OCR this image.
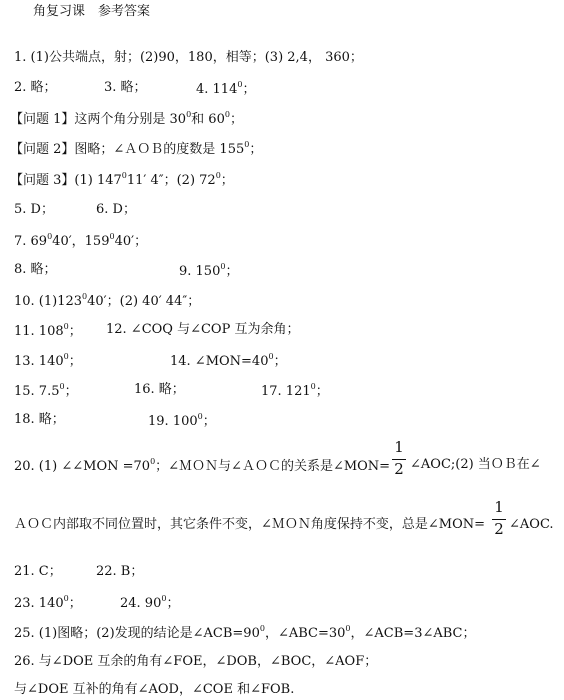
角复习课　参考答案
1. (1)公共端点，射；(2)90，180，相等；(3) 2,4， 360；
2. 略；	3. 略；	4. $114^0$；
【问题 1】这两个角分别是 $30^0$和 $60^0$；
【问题 2】图略；∠ＡＯＢ的度数是 $155^0$；
【问题 3】(1) $147^011'$ 4″；(2) $72^0$；
5. D；	6. D；
7. $69^040'$，$159^040'$；
8. 略；	9. $150^0$；
10. $(1)123^040'$；(2) 40′ 44″；
11. $108^0$； 12. ∠COQ 与∠COP 互为余角；
13. $140^0$；	14. $\angle MON=40^0$；
15. $7.5^0$；	16. 略；	17. $121^0$；
18. 略；	19. $100^0$；
20. (1) ∠∠MON $=70^0$；∠ＭＯＮ与∠ＡＯＣ的关系是∠MON=
1
2 ∠AOC;(2) 当ＯＢ在∠
ＡＯＣ内部取不同位置时，其它条件不变，∠ＭＯＮ角度保持不变，总是∠MON=
1
2 ∠AOC.
21. C；	22. B；
23. $140^0$；	24. $90^0$；
25. (1)图略；(2)发现的结论是$\angle ACB=90^0$，$\angle ABC=30^0$，∠ACB=3∠ABC；
26. 与∠DOE 互余的角有∠FOE，∠DOB，∠BOC，∠AOF；
与∠DOE 互补的角有∠AOD，∠COE 和∠FOB.
